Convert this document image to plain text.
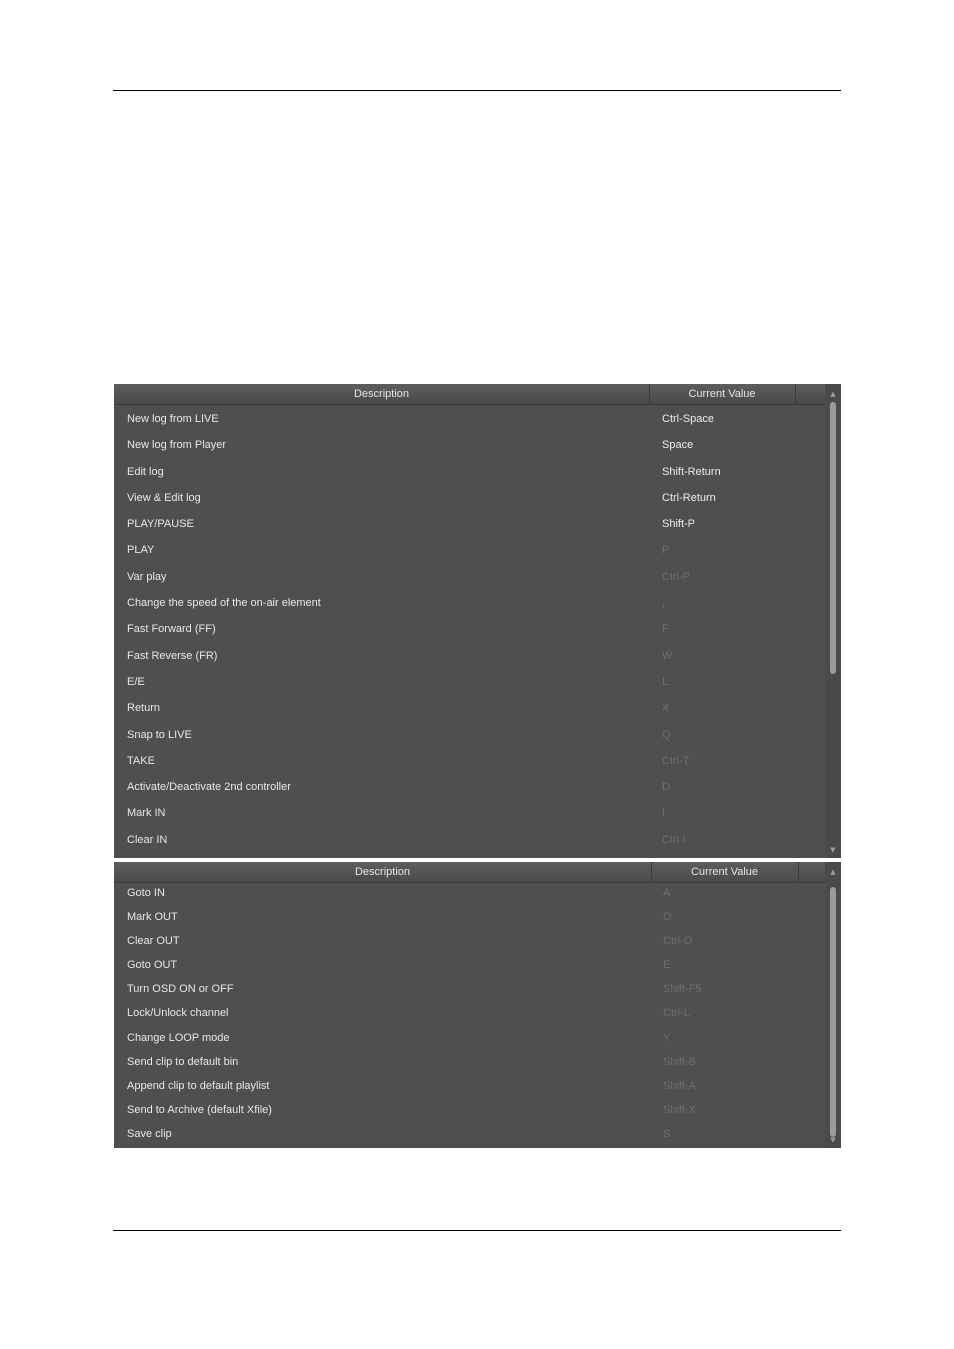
Description	Current Value
New log from LIVE	Ctrl-Space
New log from Player	Space
Edit log	Shift-Return
View & Edit log	Ctrl-Return
PLAY/PAUSE	Shift-P
PLAY	P
Var play	Ctrl-P
Change the speed of the on-air element	,
Fast Forward (FF)	F
Fast Reverse (FR)	W
E/E	L
Return	X
Snap to LIVE	Q
TAKE	Ctrl-T
Activate/Deactivate 2nd controller	D
Mark IN	I
Clear IN	Ctrl-I
▲
▼
Description	Current Value
Goto IN	A
Mark OUT	O
Clear OUT	Ctrl-O
Goto OUT	E
Turn OSD ON or OFF	Shift-F5
Lock/Unlock channel	Ctrl-L
Change LOOP mode	Y
Send clip to default bin	Shift-B
Append clip to default playlist	Shift-A
Send to Archive (default Xfile)	Shift-X
Save clip	S
▲
▼
